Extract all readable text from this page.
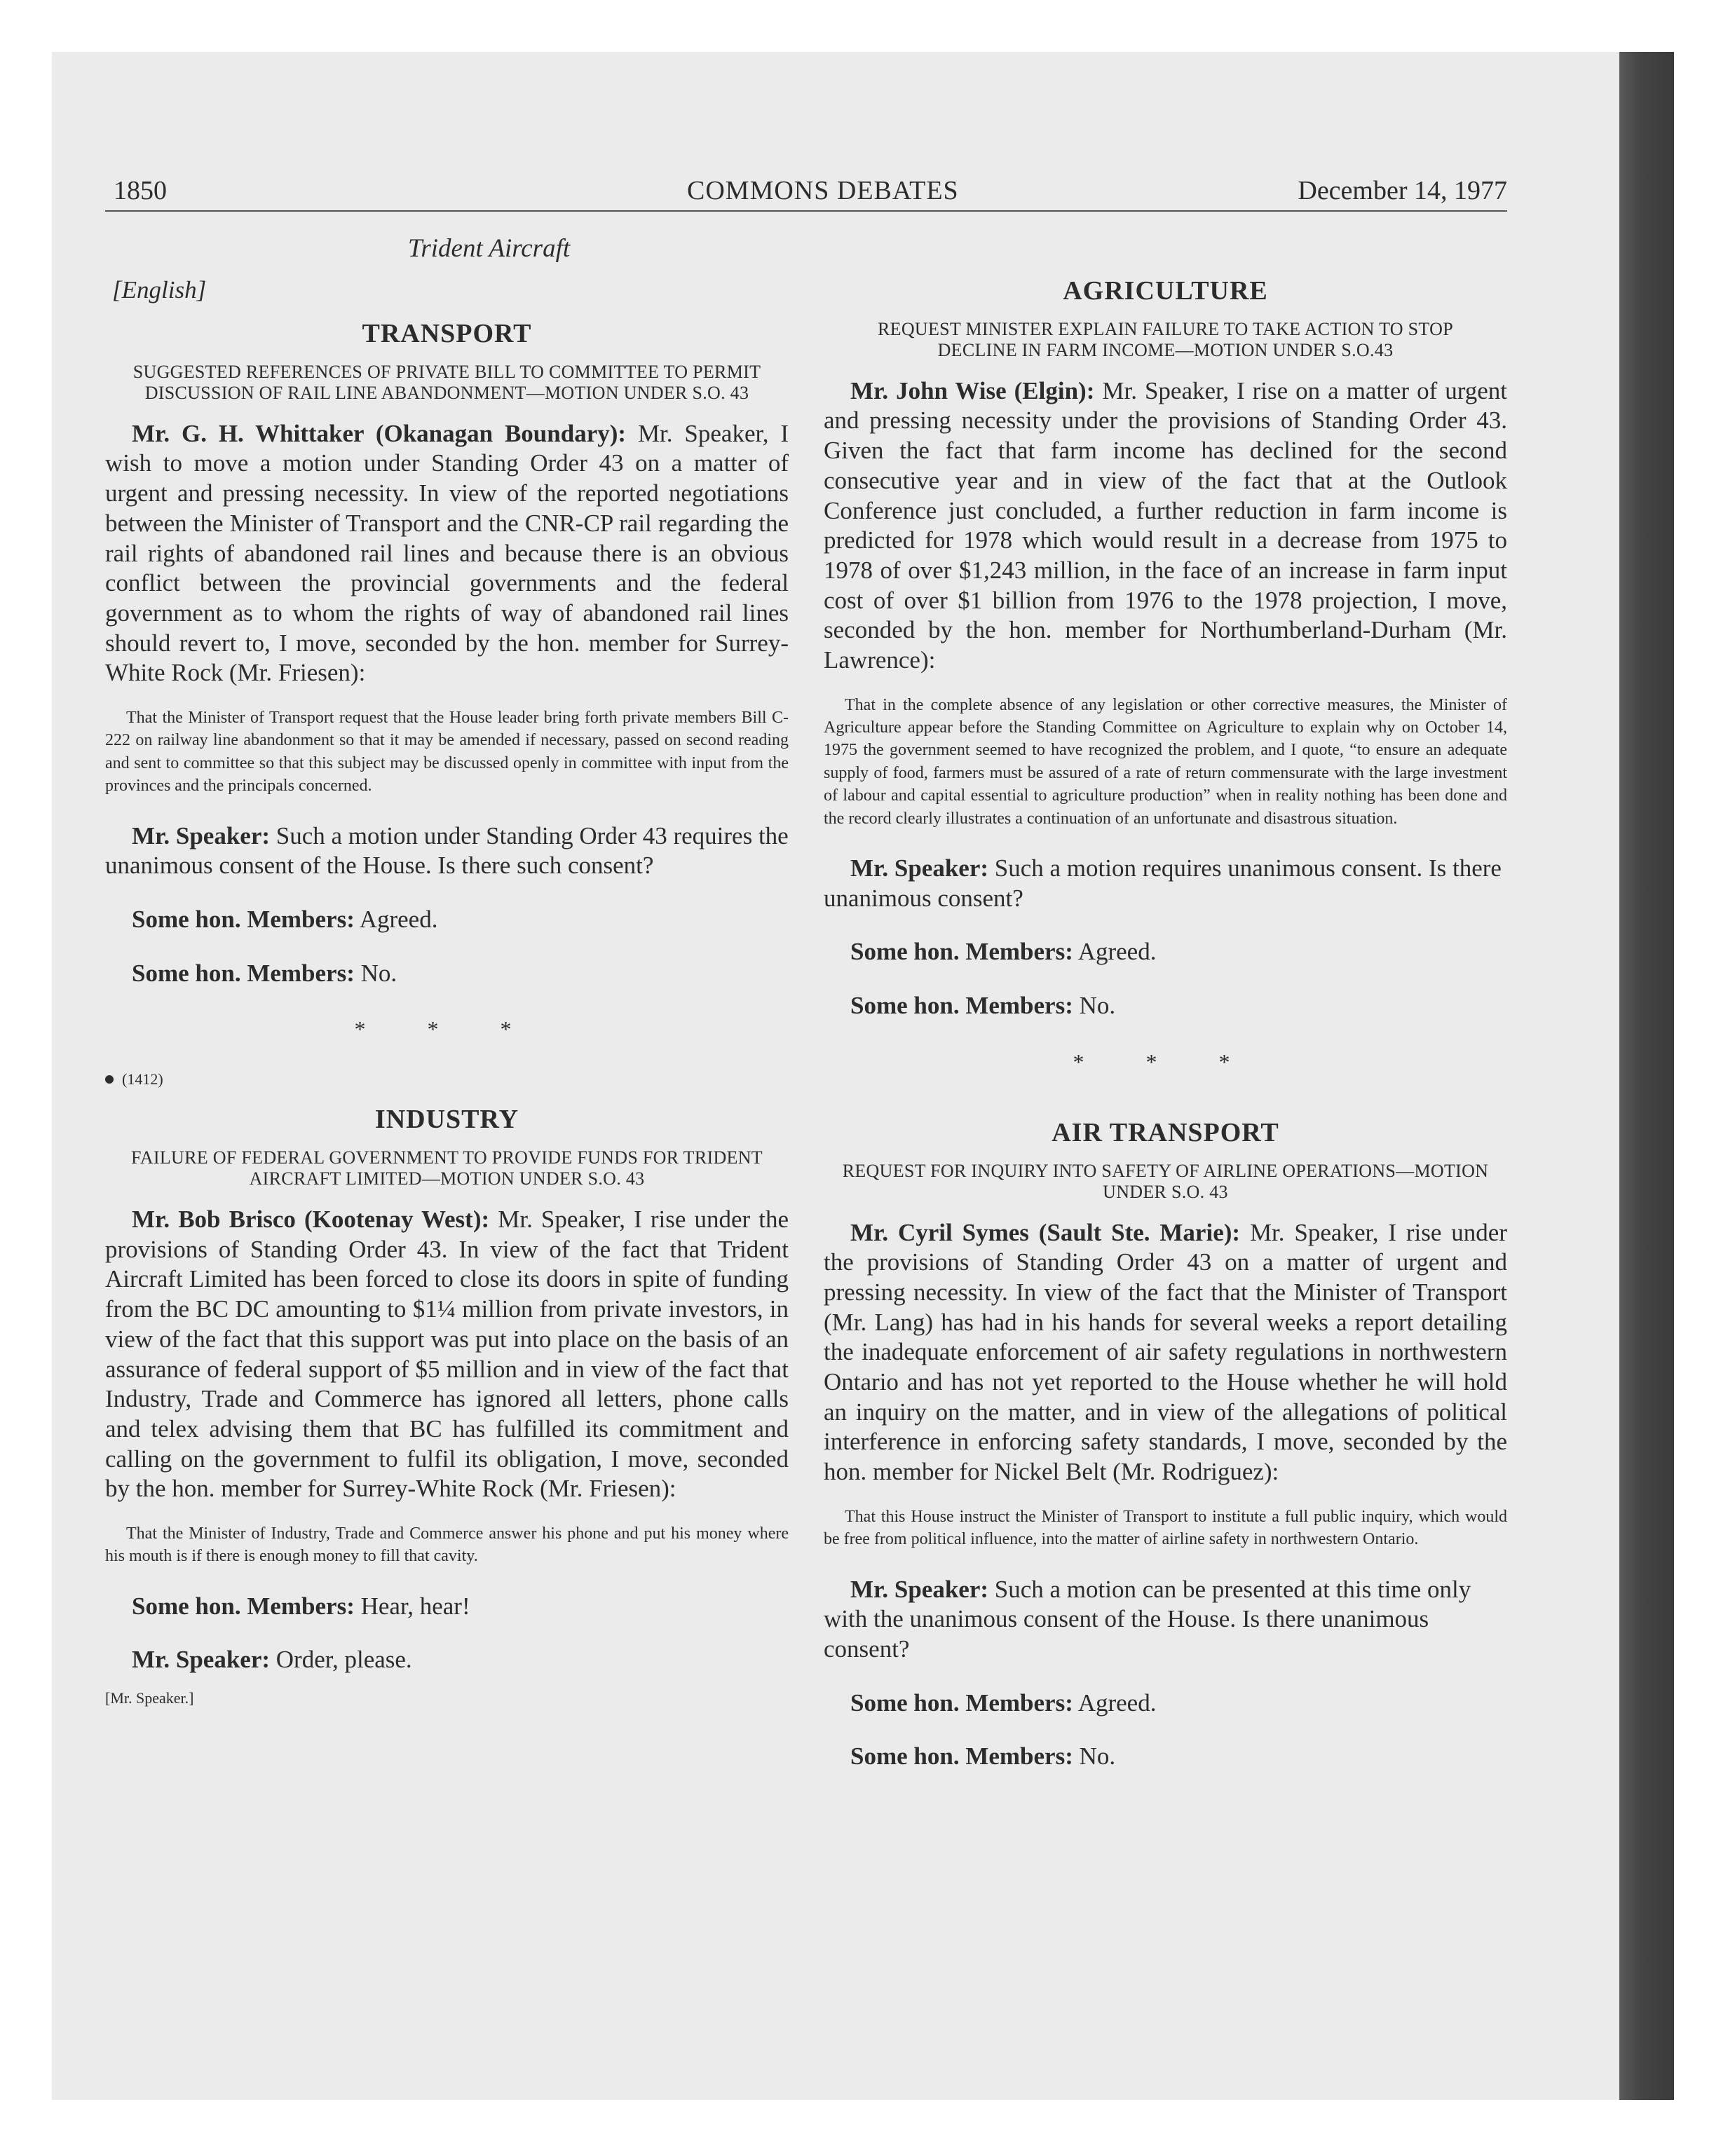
1850	COMMONS DEBATES	December 14, 1977
Trident Aircraft
[English]
TRANSPORT
SUGGESTED REFERENCES OF PRIVATE BILL TO COMMITTEE TO PERMIT DISCUSSION OF RAIL LINE ABANDONMENT—MOTION UNDER S.O. 43

Mr. G. H. Whittaker (Okanagan Boundary): Mr. Speaker, I wish to move a motion under Standing Order 43 on a matter of urgent and pressing necessity. In view of the reported negotiations between the Minister of Transport and the CNR-CP rail regarding the rail rights of abandoned rail lines and because there is an obvious conflict between the provincial governments and the federal government as to whom the rights of way of abandoned rail lines should revert to, I move, seconded by the hon. member for Surrey-White Rock (Mr. Friesen):

That the Minister of Transport request that the House leader bring forth private members Bill C-222 on railway line abandonment so that it may be amended if necessary, passed on second reading and sent to committee so that this subject may be discussed openly in committee with input from the provinces and the principals concerned.

Mr. Speaker: Such a motion under Standing Order 43 requires the unanimous consent of the House. Is there such consent?

Some hon. Members: Agreed.

Some hon. Members: No.

* * *
(1412)
INDUSTRY
FAILURE OF FEDERAL GOVERNMENT TO PROVIDE FUNDS FOR TRIDENT AIRCRAFT LIMITED—MOTION UNDER S.O. 43

Mr. Bob Brisco (Kootenay West): Mr. Speaker, I rise under the provisions of Standing Order 43. In view of the fact that Trident Aircraft Limited has been forced to close its doors in spite of funding from the BC DC amounting to $1¼ million from private investors, in view of the fact that this support was put into place on the basis of an assurance of federal support of $5 million and in view of the fact that Industry, Trade and Commerce has ignored all letters, phone calls and telex advising them that BC has fulfilled its commitment and calling on the government to fulfil its obligation, I move, seconded by the hon. member for Surrey-White Rock (Mr. Friesen):

That the Minister of Industry, Trade and Commerce answer his phone and put his money where his mouth is if there is enough money to fill that cavity.

Some hon. Members: Hear, hear!

Mr. Speaker: Order, please.

[Mr. Speaker.]
AGRICULTURE
REQUEST MINISTER EXPLAIN FAILURE TO TAKE ACTION TO STOP DECLINE IN FARM INCOME—MOTION UNDER S.O.43

Mr. John Wise (Elgin): Mr. Speaker, I rise on a matter of urgent and pressing necessity under the provisions of Standing Order 43. Given the fact that farm income has declined for the second consecutive year and in view of the fact that at the Outlook Conference just concluded, a further reduction in farm income is predicted for 1978 which would result in a decrease from 1975 to 1978 of over $1,243 million, in the face of an increase in farm input cost of over $1 billion from 1976 to the 1978 projection, I move, seconded by the hon. member for Northumberland-Durham (Mr. Lawrence):

That in the complete absence of any legislation or other corrective measures, the Minister of Agriculture appear before the Standing Committee on Agriculture to explain why on October 14, 1975 the government seemed to have recognized the problem, and I quote, “to ensure an adequate supply of food, farmers must be assured of a rate of return commensurate with the large investment of labour and capital essential to agriculture production” when in reality nothing has been done and the record clearly illustrates a continuation of an unfortunate and disastrous situation.

Mr. Speaker: Such a motion requires unanimous consent. Is there unanimous consent?

Some hon. Members: Agreed.

Some hon. Members: No.

* * *
AIR TRANSPORT
REQUEST FOR INQUIRY INTO SAFETY OF AIRLINE OPERATIONS—MOTION UNDER S.O. 43

Mr. Cyril Symes (Sault Ste. Marie): Mr. Speaker, I rise under the provisions of Standing Order 43 on a matter of urgent and pressing necessity. In view of the fact that the Minister of Transport (Mr. Lang) has had in his hands for several weeks a report detailing the inadequate enforcement of air safety regulations in northwestern Ontario and has not yet reported to the House whether he will hold an inquiry on the matter, and in view of the allegations of political interference in enforcing safety standards, I move, seconded by the hon. member for Nickel Belt (Mr. Rodriguez):

That this House instruct the Minister of Transport to institute a full public inquiry, which would be free from political influence, into the matter of airline safety in northwestern Ontario.

Mr. Speaker: Such a motion can be presented at this time only with the unanimous consent of the House. Is there unanimous consent?

Some hon. Members: Agreed.

Some hon. Members: No.
